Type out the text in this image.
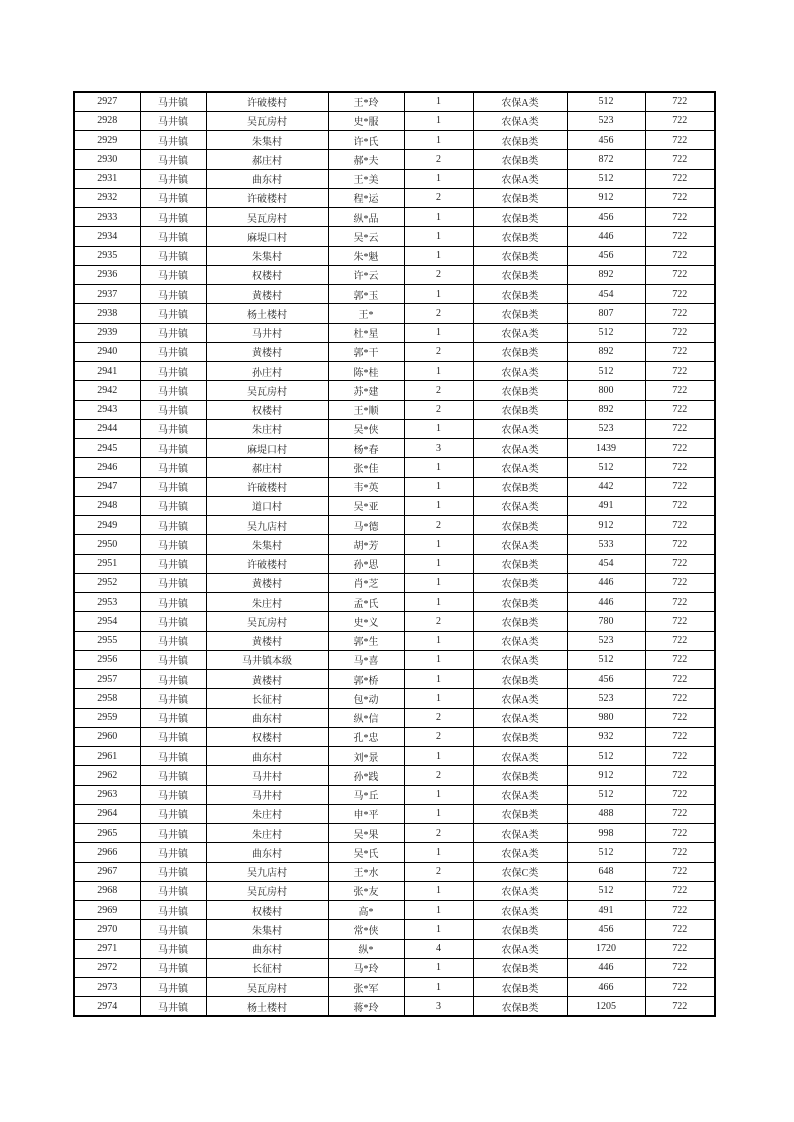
2927	马井镇	许破楼村	王*玲	1	农保A类	512	722
2928	马井镇	吴瓦房村	史*服	1	农保A类	523	722
2929	马井镇	朱集村	许*氏	1	农保B类	456	722
2930	马井镇	郝庄村	郝*夫	2	农保B类	872	722
2931	马井镇	曲东村	王*美	1	农保A类	512	722
2932	马井镇	许破楼村	程*运	2	农保B类	912	722
2933	马井镇	吴瓦房村	纵*品	1	农保B类	456	722
2934	马井镇	麻堤口村	吴*云	1	农保B类	446	722
2935	马井镇	朱集村	朱*魁	1	农保B类	456	722
2936	马井镇	权楼村	许*云	2	农保B类	892	722
2937	马井镇	黄楼村	郭*玉	1	农保B类	454	722
2938	马井镇	杨土楼村	王*	2	农保B类	807	722
2939	马井镇	马井村	杜*星	1	农保A类	512	722
2940	马井镇	黄楼村	郭*干	2	农保B类	892	722
2941	马井镇	孙庄村	陈*桂	1	农保A类	512	722
2942	马井镇	吴瓦房村	苏*建	2	农保B类	800	722
2943	马井镇	权楼村	王*顺	2	农保B类	892	722
2944	马井镇	朱庄村	吴*侠	1	农保A类	523	722
2945	马井镇	麻堤口村	杨*春	3	农保A类	1439	722
2946	马井镇	郝庄村	张*佳	1	农保A类	512	722
2947	马井镇	许破楼村	韦*英	1	农保B类	442	722
2948	马井镇	道口村	吴*亚	1	农保A类	491	722
2949	马井镇	吴九店村	马*德	2	农保B类	912	722
2950	马井镇	朱集村	胡*芳	1	农保A类	533	722
2951	马井镇	许破楼村	孙*思	1	农保B类	454	722
2952	马井镇	黄楼村	肖*芝	1	农保B类	446	722
2953	马井镇	朱庄村	孟*氏	1	农保B类	446	722
2954	马井镇	吴瓦房村	史*义	2	农保B类	780	722
2955	马井镇	黄楼村	郭*生	1	农保A类	523	722
2956	马井镇	马井镇本级	马*喜	1	农保A类	512	722
2957	马井镇	黄楼村	郭*桥	1	农保B类	456	722
2958	马井镇	长征村	包*动	1	农保A类	523	722
2959	马井镇	曲东村	纵*信	2	农保A类	980	722
2960	马井镇	权楼村	孔*忠	2	农保B类	932	722
2961	马井镇	曲东村	刘*景	1	农保A类	512	722
2962	马井镇	马井村	孙*践	2	农保B类	912	722
2963	马井镇	马井村	马*丘	1	农保A类	512	722
2964	马井镇	朱庄村	申*平	1	农保B类	488	722
2965	马井镇	朱庄村	吴*果	2	农保A类	998	722
2966	马井镇	曲东村	吴*氏	1	农保A类	512	722
2967	马井镇	吴九店村	王*水	2	农保C类	648	722
2968	马井镇	吴瓦房村	张*友	1	农保A类	512	722
2969	马井镇	权楼村	高*	1	农保A类	491	722
2970	马井镇	朱集村	常*侠	1	农保B类	456	722
2971	马井镇	曲东村	纵*	4	农保A类	1720	722
2972	马井镇	长征村	马*玲	1	农保B类	446	722
2973	马井镇	吴瓦房村	张*军	1	农保B类	466	722
2974	马井镇	杨土楼村	蒋*玲	3	农保B类	1205	722
